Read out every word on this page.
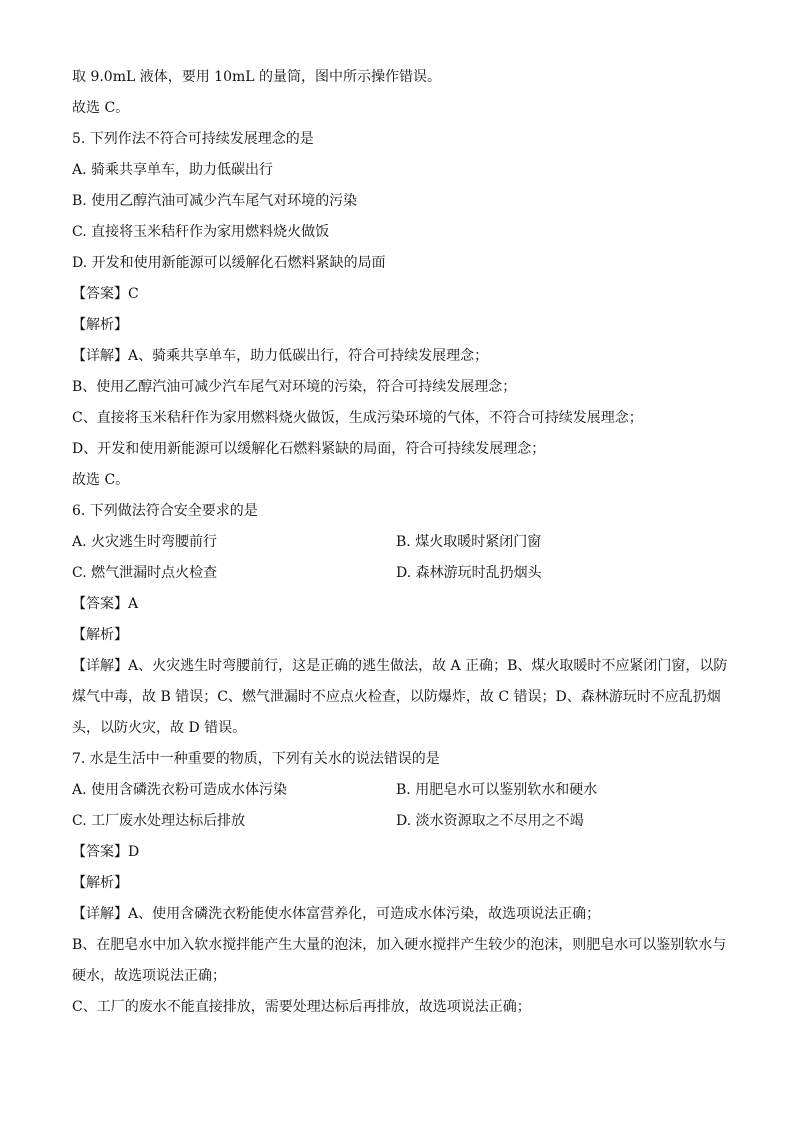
取 9.0mL 液体，要用 10mL 的量筒，图中所示操作错误。
故选 C。
5. 下列作法不符合可持续发展理念的是
A. 骑乘共享单车，助力低碳出行
B. 使用乙醇汽油可减少汽车尾气对环境的污染
C. 直接将玉米秸秆作为家用燃料烧火做饭
D. 开发和使用新能源可以缓解化石燃料紧缺的局面
【答案】C
【解析】
【详解】A、骑乘共享单车，助力低碳出行，符合可持续发展理念；
B、使用乙醇汽油可减少汽车尾气对环境的污染，符合可持续发展理念；
C、直接将玉米秸秆作为家用燃料烧火做饭，生成污染环境的气体，不符合可持续发展理念；
D、开发和使用新能源可以缓解化石燃料紧缺的局面，符合可持续发展理念；
故选 C。
6. 下列做法符合安全要求的是
A. 火灾逃生时弯腰前行	B. 煤火取暖时紧闭门窗
C. 燃气泄漏时点火检查	D. 森林游玩时乱扔烟头
【答案】A
【解析】
【详解】A、火灾逃生时弯腰前行，这是正确的逃生做法，故 A 正确；B、煤火取暖时不应紧闭门窗，以防煤气中毒，故 B 错误；C、燃气泄漏时不应点火检查，以防爆炸，故 C 错误；D、森林游玩时不应乱扔烟头，以防火灾，故 D 错误。
7. 水是生活中一种重要的物质，下列有关水的说法错误的是
A. 使用含磷洗衣粉可造成水体污染	B. 用肥皂水可以鉴别软水和硬水
C. 工厂废水处理达标后排放	D. 淡水资源取之不尽用之不竭
【答案】D
【解析】
【详解】A、使用含磷洗衣粉能使水体富营养化，可造成水体污染，故选项说法正确；
B、在肥皂水中加入软水搅拌能产生大量的泡沫，加入硬水搅拌产生较少的泡沫，则肥皂水可以鉴别软水与硬水，故选项说法正确；
C、工厂的废水不能直接排放，需要处理达标后再排放，故选项说法正确；
